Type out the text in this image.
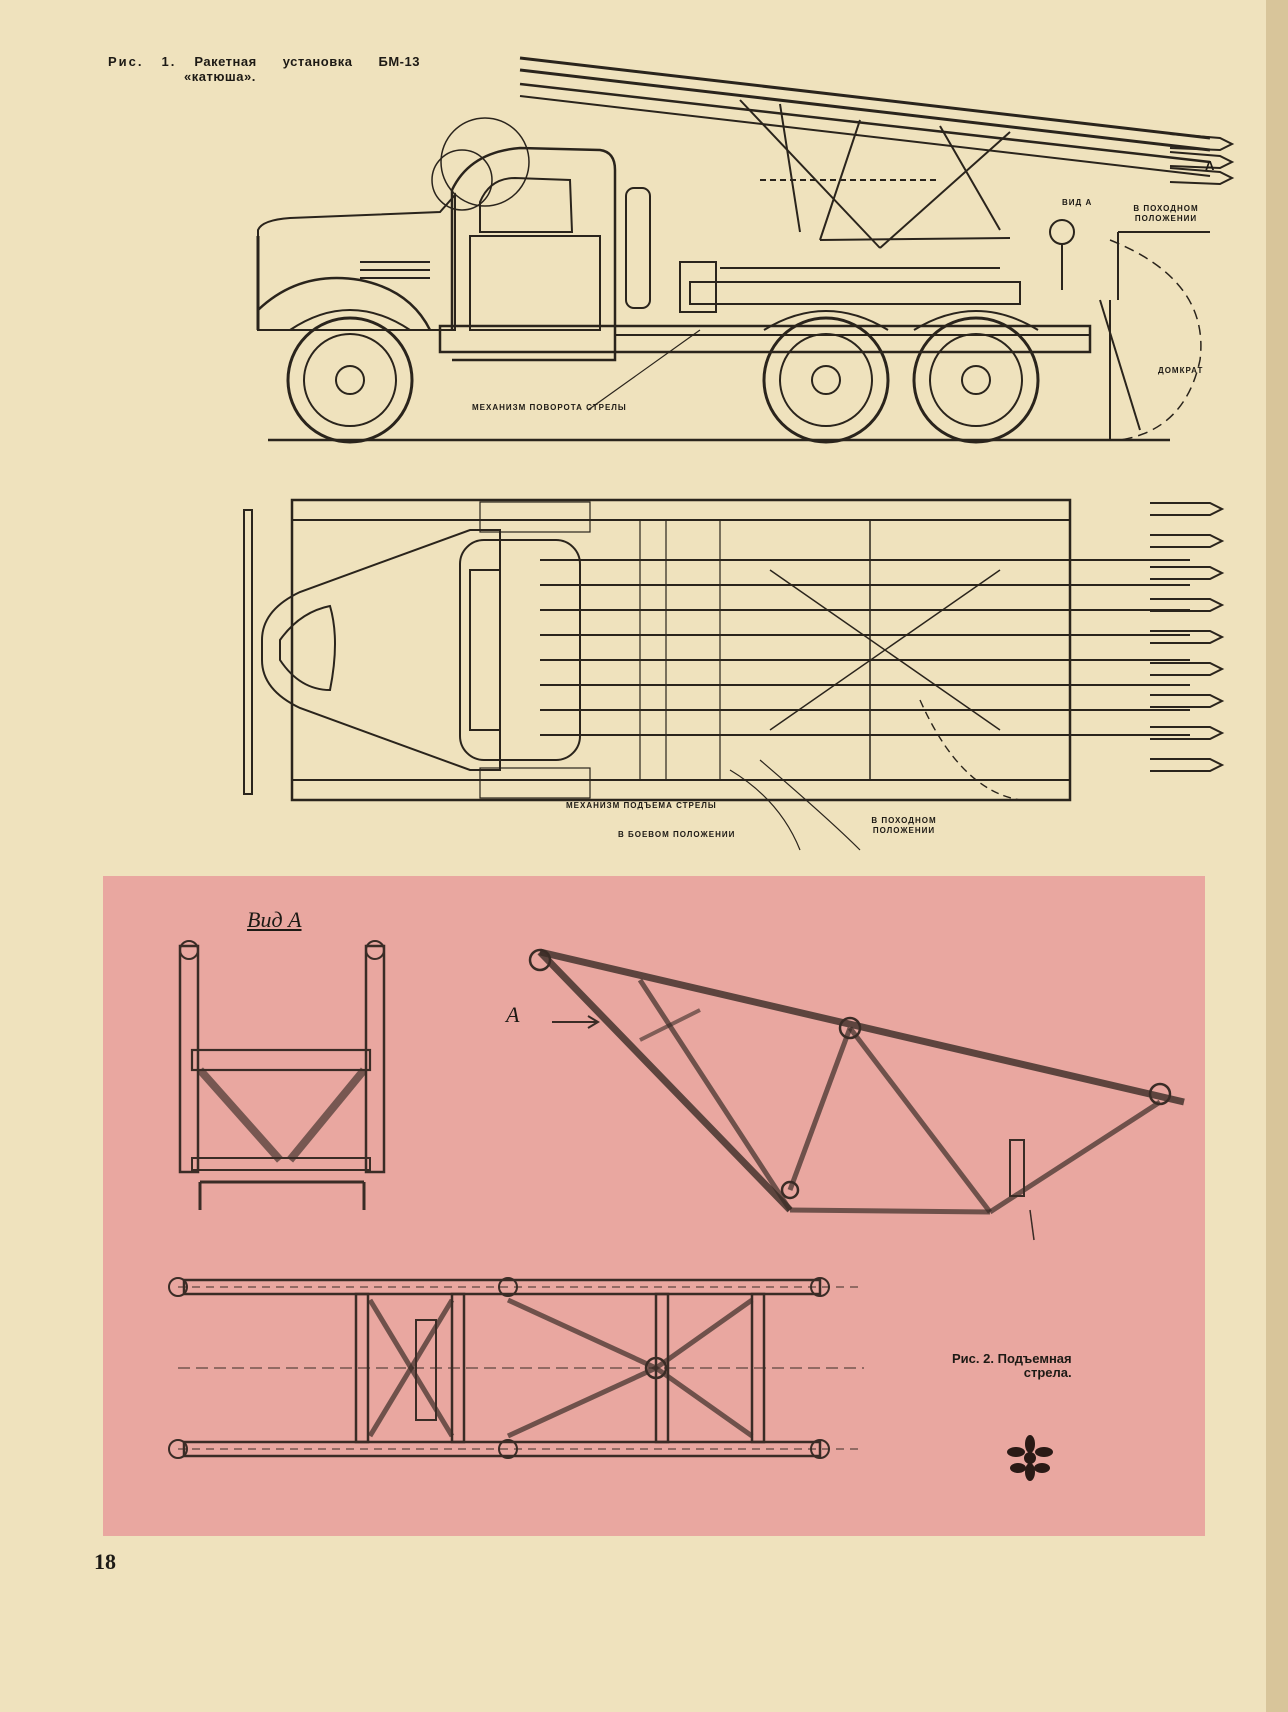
Рис. 1. Ракетная установка БМ-13
«катюша».
ВИД А
В ПОХОДНОМ ПОЛОЖЕНИИ
ДОМКРАТ
МЕХАНИЗМ ПОВОРОТА СТРЕЛЫ
А
МЕХАНИЗМ ПОДЪЕМА СТРЕЛЫ
В БОЕВОМ ПОЛОЖЕНИИ
В ПОХОДНОМ ПОЛОЖЕНИИ
Вид А
А
Рис. 2. Подъемная
стрела.
18
